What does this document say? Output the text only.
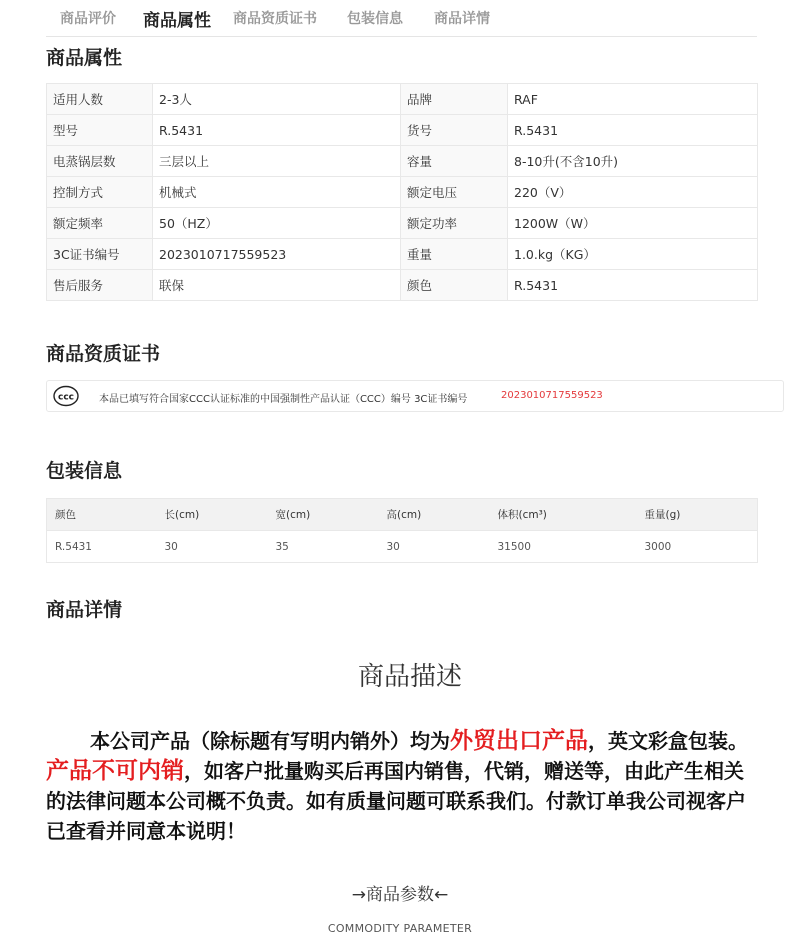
商品评价 商品属性 商品资质证书 包装信息 商品详情
商品属性
适用人数	2-3人	品牌	RAF
型号	R.5431	货号	R.5431
电蒸锅层数	三层以上	容量	8-10升(不含10升)
控制方式	机械式	额定电压	220（V）
额定频率	50（HZ）	额定功率	1200W（W）
3C证书编号	2023010717559523	重量	1.0.kg（KG）
售后服务	联保	颜色	R.5431
商品资质证书
ccc 本品已填写符合国家CCC认证标准的中国强制性产品认证（CCC）编号 3C证书编号	2023010717559523
包装信息
颜色	长(cm)	宽(cm)	高(cm)	体积(cm³)	重量(g)
R.5431	30	35	30	31500	3000
商品详情
商品描述

本公司产品（除标题有写明内销外）均为外贸出口产品，英文彩盒包装。产品不可内销，如客户批量购买后再国内销售，代销，赠送等，由此产生相关的法律问题本公司概不负责。如有质量问题可联系我们。付款订单我公司视客户已查看并同意本说明！

→商品参数←
COMMODITY PARAMETER
